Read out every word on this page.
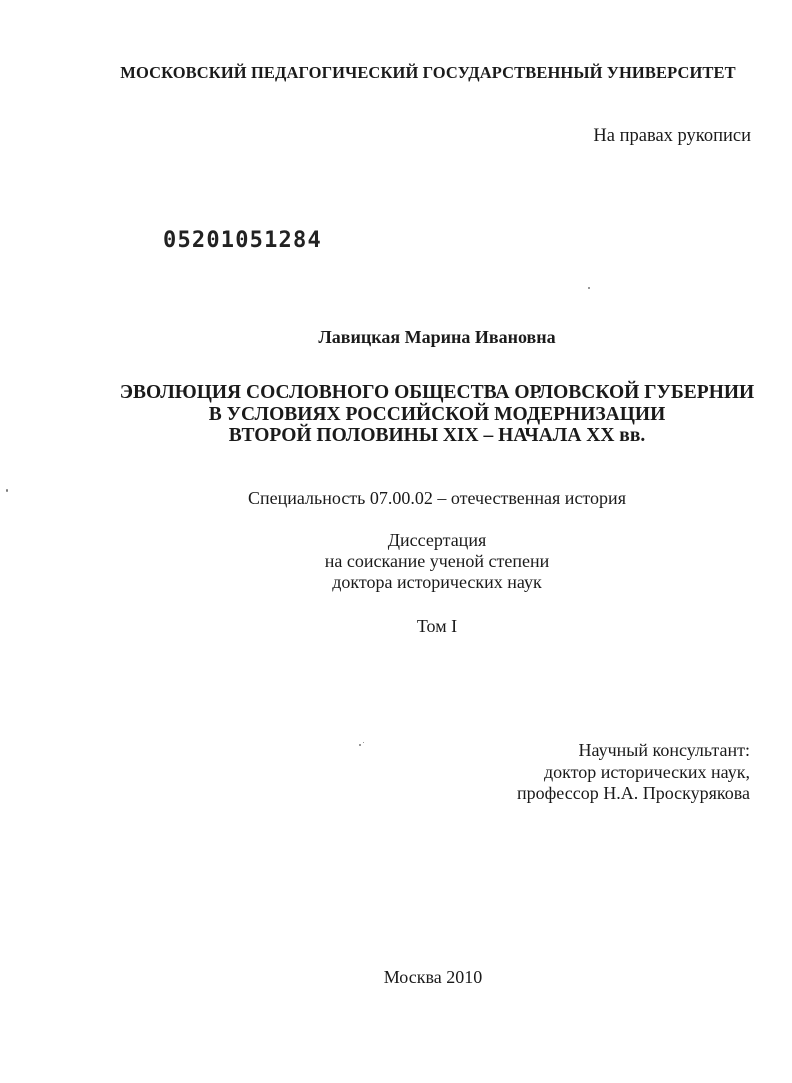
МОСКОВСКИЙ ПЕДАГОГИЧЕСКИЙ ГОСУДАРСТВЕННЫЙ УНИВЕРСИТЕТ
На правах рукописи
05201051284
Лавицкая Марина Ивановна
ЭВОЛЮЦИЯ СОСЛОВНОГО ОБЩЕСТВА ОРЛОВСКОЙ ГУБЕРНИИ
В УСЛОВИЯХ РОССИЙСКОЙ МОДЕРНИЗАЦИИ
ВТОРОЙ ПОЛОВИНЫ XIX – НАЧАЛА XX вв.
Специальность 07.00.02 – отечественная история
Диссертация
на соискание ученой степени
доктора исторических наук
Том I
Научный консультант:
доктор исторических наук,
профессор Н.А. Проскурякова
Москва 2010
